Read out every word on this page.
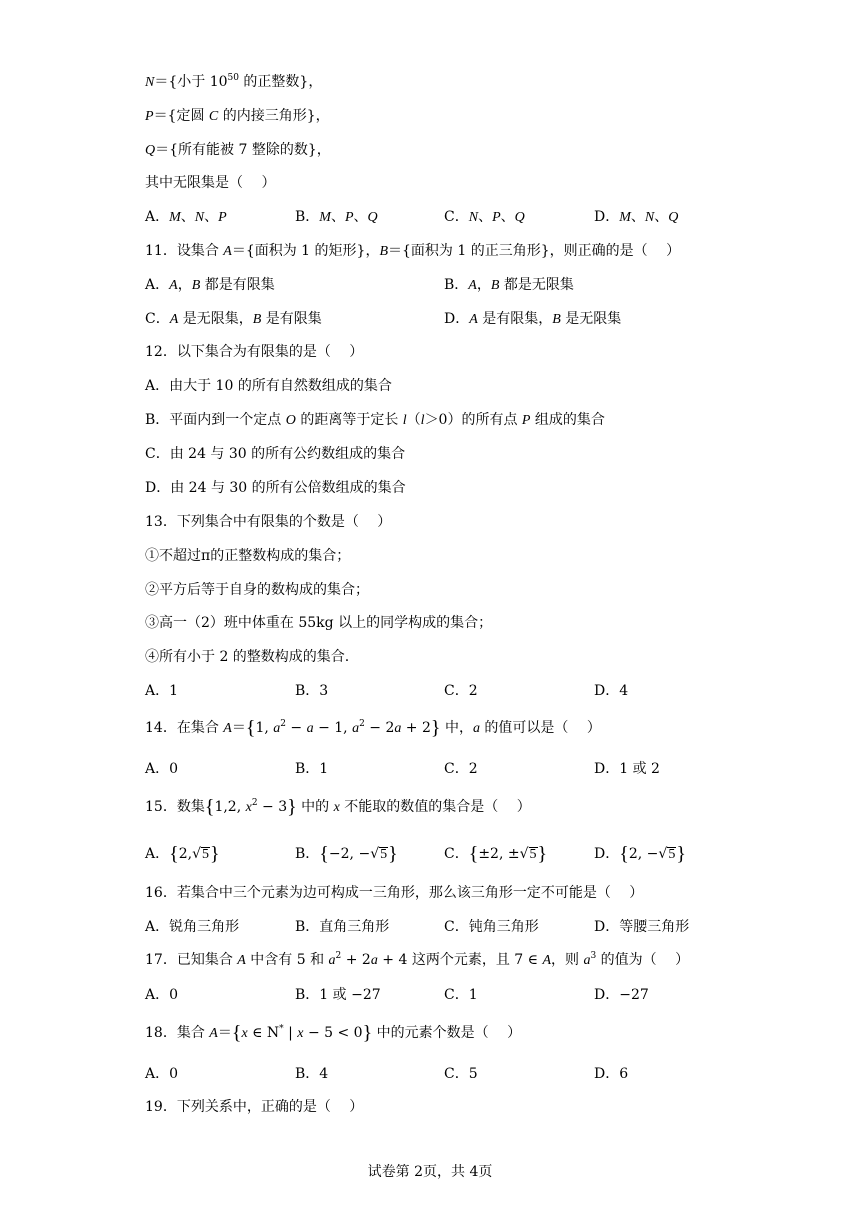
N＝{小于 $10^{50}$ 的正整数}，
P＝{定圆 C 的内接三角形}，
Q＝{所有能被 7 整除的数}，
其中无限集是（　 ）
A．M、N、P	B．M、P、Q	C．N、P、Q	D．M、N、Q
11．设集合 A＝{面积为 1 的矩形}，B＝{面积为 1 的正三角形}，则正确的是（　 ）
A．A，B 都是有限集	B．A，B 都是无限集
C．A 是无限集，B 是有限集	D．A 是有限集，B 是无限集
12．以下集合为有限集的是（　 ）
A．由大于 10 的所有自然数组成的集合
B．平面内到一个定点 O 的距离等于定长 l（l＞0）的所有点 P 组成的集合
C．由 24 与 30 的所有公约数组成的集合
D．由 24 与 30 的所有公倍数组成的集合
13．下列集合中有限集的个数是（　 ）
①不超过π的正整数构成的集合；
②平方后等于自身的数构成的集合；
③高一（2）班中体重在 55kg 以上的同学构成的集合；
④所有小于 2 的整数构成的集合.
A．1	B．3	C．2	D．4
14．在集合 A＝{1, $a^2 - a - 1$, $a^2 - 2a + 2$} 中，a 的值可以是（　 ）
A．0	B．1	C．2	D．1 或 2
15．数集{1,2, $x^2 - 3$} 中的 x 不能取的数值的集合是（　 ）
A．{2,√5}	B．{−2, −√5}	C．{±2, ±√5}	D．{2, −√5}
16．若集合中三个元素为边可构成一三角形，那么该三角形一定不可能是（　 ）
A．锐角三角形	B．直角三角形	C．钝角三角形	D．等腰三角形
17．已知集合 A 中含有 5 和 $a^2 + 2a + 4$ 这两个元素，且 7 ∈ A，则 $a^3$ 的值为（　 ）
A．0	B．1 或 −27	C．1	D．−27
18．集合 A＝{x ∈ N* | x − 5 < 0} 中的元素个数是（　 ）
A．0	B．4	C．5	D．6
19．下列关系中，正确的是（　 ）
试卷第 2页，共 4页
